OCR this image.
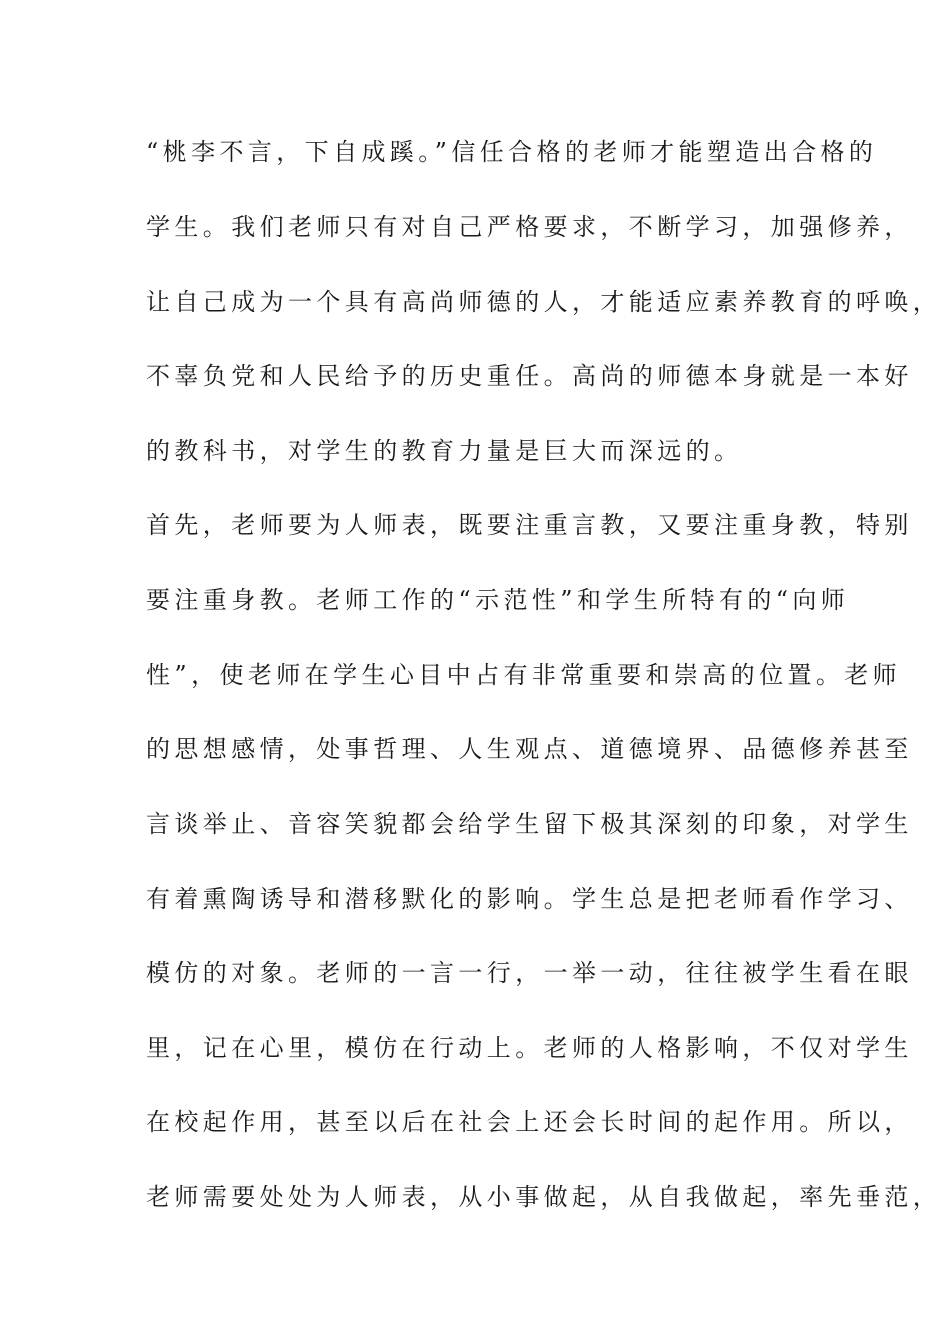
“桃李不言，下自成蹊。”信任合格的老师才能塑造出合格的
学生。我们老师只有对自己严格要求，不断学习，加强修养，
让自己成为一个具有高尚师德的人，才能适应素养教育的呼唤，
不辜负党和人民给予的历史重任。高尚的师德本身就是一本好
的教科书，对学生的教育力量是巨大而深远的。
首先，老师要为人师表，既要注重言教，又要注重身教，特别
要注重身教。老师工作的“示范性”和学生所特有的“向师
性”，使老师在学生心目中占有非常重要和崇高的位置。老师
的思想感情，处事哲理、人生观点、道德境界、品德修养甚至
言谈举止、音容笑貌都会给学生留下极其深刻的印象，对学生
有着熏陶诱导和潜移默化的影响。学生总是把老师看作学习、
模仿的对象。老师的一言一行，一举一动，往往被学生看在眼
里，记在心里，模仿在行动上。老师的人格影响，不仅对学生
在校起作用，甚至以后在社会上还会长时间的起作用。所以，
老师需要处处为人师表，从小事做起，从自我做起，率先垂范，
